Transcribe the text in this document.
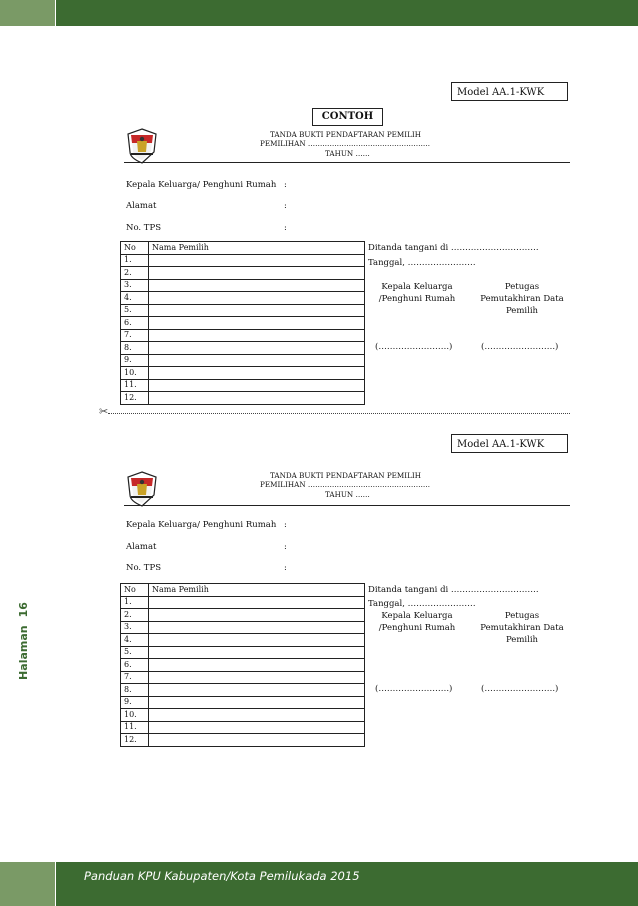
Halaman16
Panduan KPU Kabupaten/Kota Pemilukada 2015
Model AA.1-KWK
CONTOH
TANDA BUKTI PENDAFTARAN PEMILIH
PEMILIHAN ……………………………………………
TAHUN ……
Kepala Keluarga/ Penghuni Rumah :
Alamat	:
No. TPS	:
No	Nama Pemilih
1.	
2.	
3.	
4.	
5.	
6.	
7.	
8.	
9.	
10.	
11.	
12.	
Ditanda tangani di ………………………….
Tanggal, ……………………
Kepala Keluarga
/Penghuni Rumah
Petugas
Pemutakhiran Data
Pemilih
(…………………….)	(…………………….)
✂
Model AA.1-KWK
TANDA BUKTI PENDAFTARAN PEMILIH
PEMILIHAN ……………………………………………
TAHUN ……
Kepala Keluarga/ Penghuni Rumah :
Alamat	:
No. TPS	:
No	Nama Pemilih
1.	
2.	
3.	
4.	
5.	
6.	
7.	
8.	
9.	
10.	
11.	
12.	
Ditanda tangani di ………………………….
Tanggal, ……………………
Kepala Keluarga
/Penghuni Rumah
Petugas
Pemutakhiran Data
Pemilih
(…………………….)	(…………………….)
